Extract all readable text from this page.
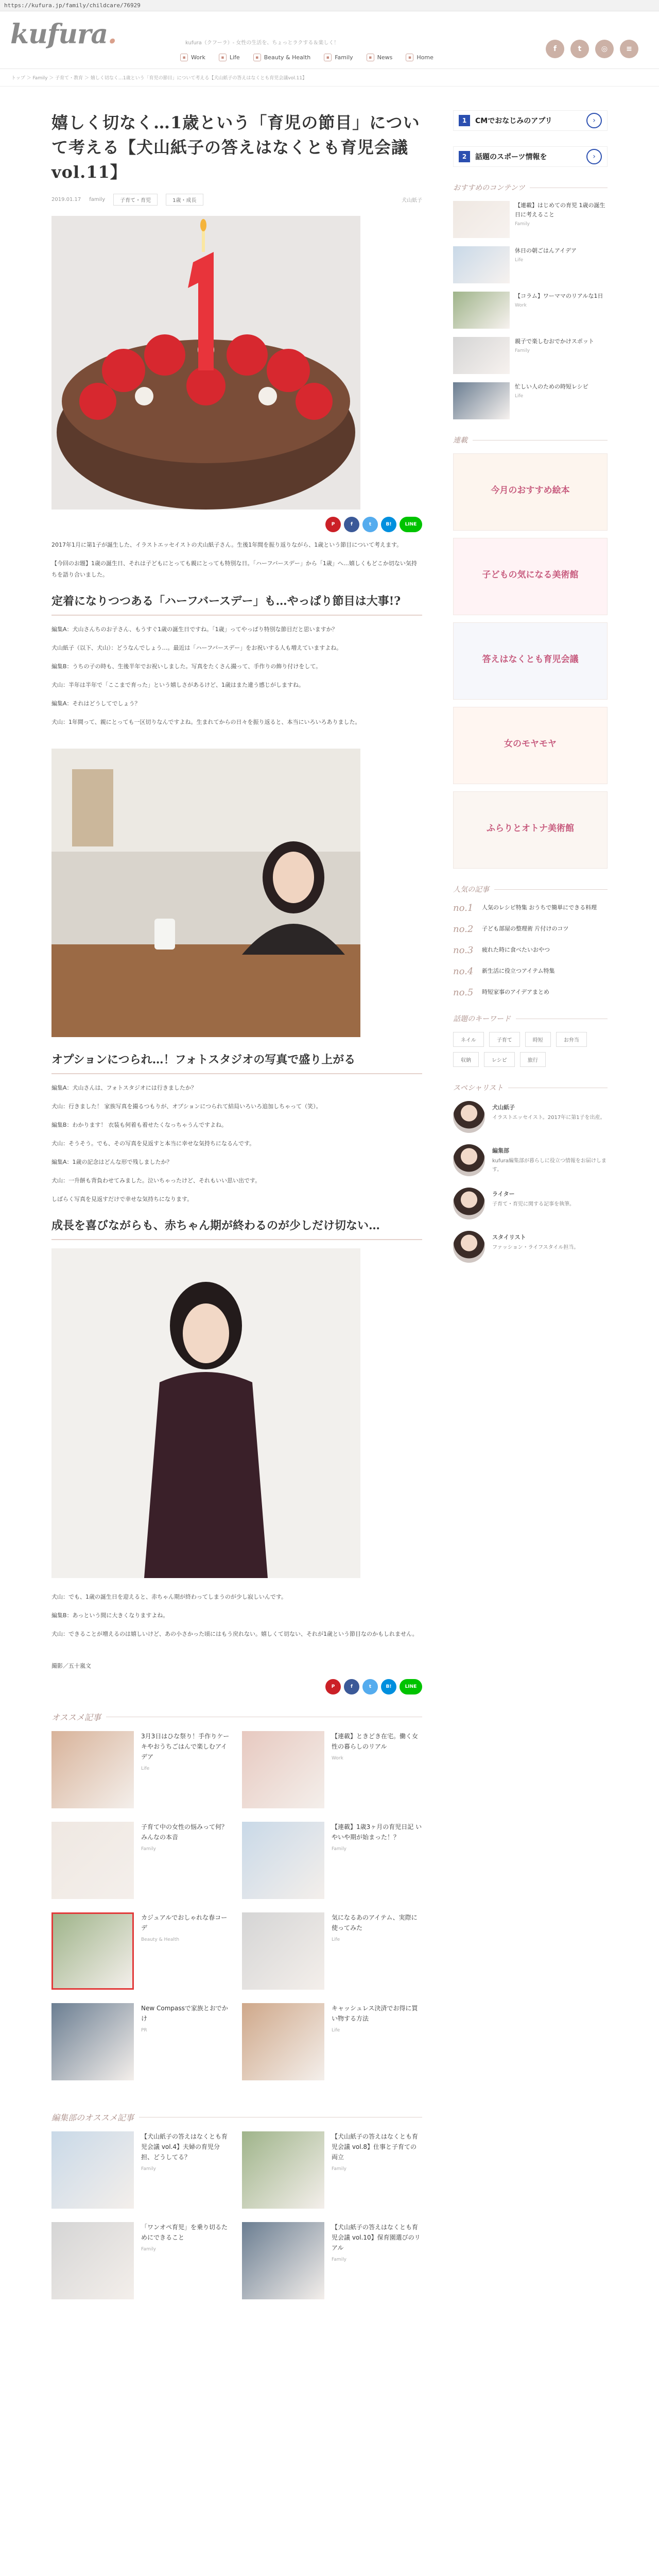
https://kufura.jp/family/childcare/76929
kufura.	kufura（クフーラ）- 女性の生活を、ちょっとラクする＆楽しく！
▪ Work	▪ Life	▪ Beauty & Health	▪ Family	▪ News	▪ Home
f	t	◎	≡
トップ ＞ Family ＞ 子育て・教育 ＞ 嬉しく切なく…1歳という「育児の節目」について考える【犬山紙子の答えはなくとも育児会議vol.11】
嬉しく切なく…1歳という「育児の節目」について考える【犬山紙子の答えはなくとも育児会議 vol.11】
2019.01.17 family	子育て・育児	1歳・成長	犬山紙子
P	f	t	B!	LINE

2017年1月に第1子が誕生した、イラストエッセイストの犬山紙子さん。生後1年間を振り返りながら、1歳という節目について考えます。

【今回のお題】1歳の誕生日、それは子どもにとっても親にとっても特別な日。「ハーフバースデー」から「1歳」へ…嬉しくもどこか切ない気持ちを語り合いました。

定着になりつつある「ハーフバースデー」も…やっぱり節目は大事!?

編集A：犬山さんちのお子さん、もうすぐ1歳の誕生日ですね。「1歳」ってやっぱり特別な節目だと思いますか？

犬山紙子（以下、犬山）：どうなんでしょう…。最近は「ハーフバースデー」をお祝いする人も増えていますよね。

編集B：うちの子の時も、生後半年でお祝いしました。写真をたくさん撮って、手作りの飾り付けをして。

犬山：半年は半年で「ここまで育った」という嬉しさがあるけど、1歳はまた違う感じがしますね。

編集A：それはどうしてでしょう？

犬山：1年間って、親にとっても一区切りなんですよね。生まれてからの日々を振り返ると、本当にいろいろありました。

オプションにつられ…！フォトスタジオの写真で盛り上がる

編集A：犬山さんは、フォトスタジオには行きましたか？

犬山：行きました！ 家族写真を撮るつもりが、オプションにつられて結局いろいろ追加しちゃって（笑）。

編集B：わかります！ 衣装も何着も着せたくなっちゃうんですよね。

犬山：そうそう。でも、その写真を見返すと本当に幸せな気持ちになるんです。

編集A：1歳の記念はどんな形で残しましたか？

犬山：一升餅も背負わせてみました。泣いちゃったけど、それもいい思い出です。

しばらく写真を見返すだけで幸せな気持ちになります。

成長を喜びながらも、赤ちゃん期が終わるのが少しだけ切ない…

犬山：でも、1歳の誕生日を迎えると、赤ちゃん期が終わってしまうのが少し寂しいんです。

編集B：あっという間に大きくなりますよね。

犬山：できることが増えるのは嬉しいけど、あの小さかった頃にはもう戻れない。嬉しくて切ない、それが1歳という節目なのかもしれません。

撮影／五十嵐文

P	f	t	B!	LINE
オススメ記事
3月3日はひな祭り！手作りケーキやおうちごはんで楽しむアイデア
Life
【連載】ときどき在宅。働く女性の暮らしのリアル
Work
子育て中の女性の悩みって何？みんなの本音
Family
【連載】1歳3ヶ月の育児日記 いやいや期が始まった！？
Family
カジュアルでおしゃれな春コーデ
Beauty & Health
気になるあのアイテム、実際に使ってみた
Life
New Compassで家族とおでかけ
PR
キャッシュレス決済でお得に買い物する方法
Life
編集部のオススメ記事
【犬山紙子の答えはなくとも育児会議 vol.4】夫婦の育児分担、どうしてる？
Family
【犬山紙子の答えはなくとも育児会議 vol.8】仕事と子育ての両立
Family
「ワンオペ育児」を乗り切るためにできること
Family
【犬山紙子の答えはなくとも育児会議 vol.10】保育園選びのリアル
Family
1	CMでおなじみのアプリ	›
2	話題のスポーツ情報を	›
おすすめのコンテンツ
【連載】はじめての育児 1歳の誕生日に考えること
Family
休日の朝ごはんアイデア
Life
【コラム】ワーママのリアルな1日
Work
親子で楽しむおでかけスポット
Family
忙しい人のための時短レシピ
Life
連載
今月のおすすめ絵本
子どもの気になる美術館
答えはなくとも育児会議
女のモヤモヤ
ふらりとオトナ美術館
人気の記事
no.1	人気のレシピ特集 おうちで簡単にできる料理
no.2	子ども部屋の整理術 片付けのコツ
no.3	疲れた時に食べたいおやつ
no.4	新生活に役立つアイテム特集
no.5	時短家事のアイデアまとめ
話題のキーワード
ネイル	子育て	時短	お弁当
収納	レシピ	旅行
スペシャリスト
犬山紙子
イラストエッセイスト。2017年に第1子を出産。
編集部
kufura編集部が暮らしに役立つ情報をお届けします。
ライター
子育て・育児に関する記事を執筆。
スタイリスト
ファッション・ライフスタイル担当。
